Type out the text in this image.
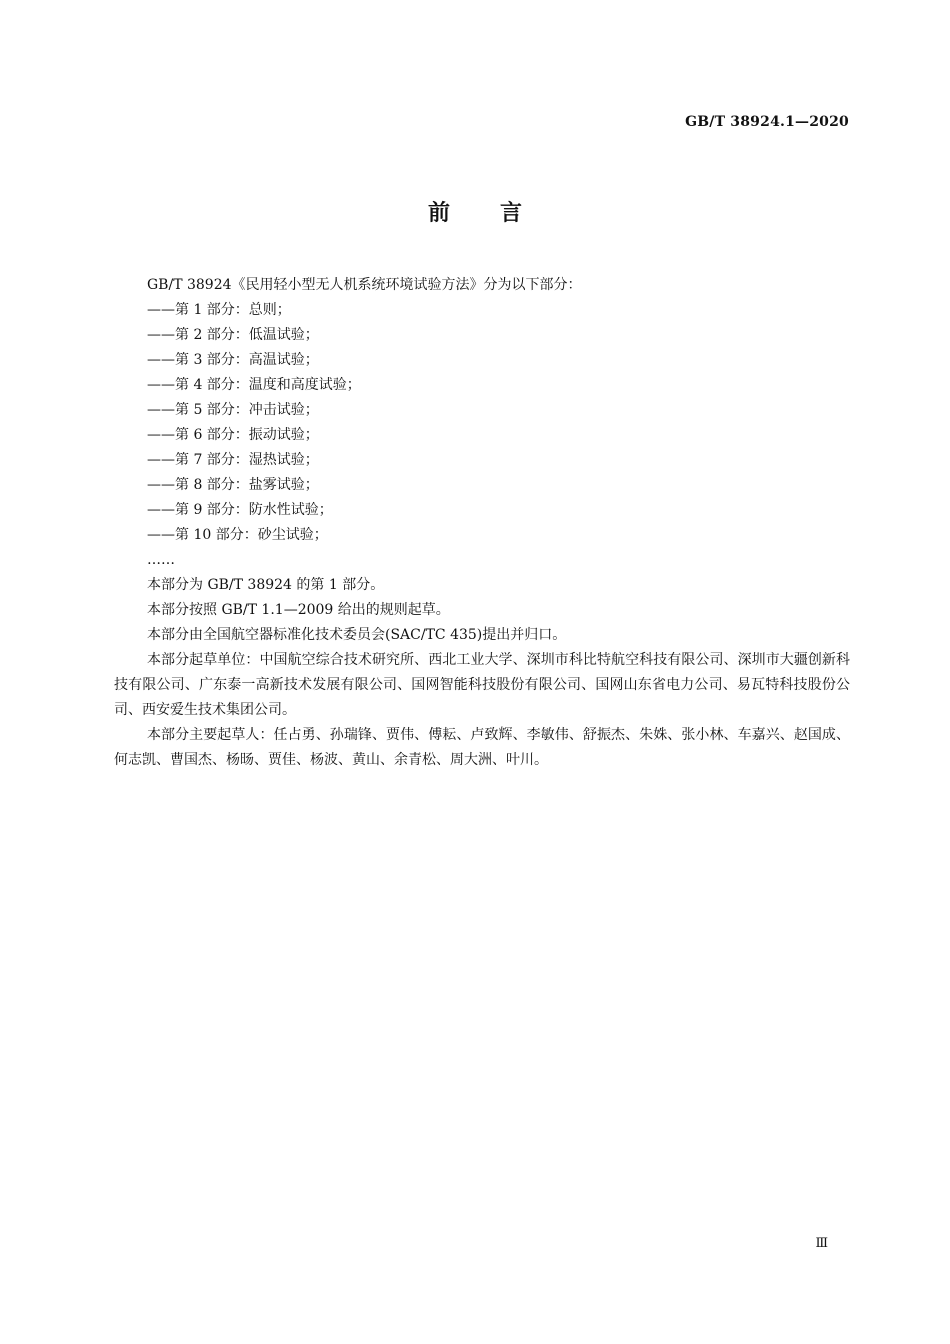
GB/T 38924.1—2020
前言

GB/T 38924《民用轻小型无人机系统环境试验方法》分为以下部分：

——第 1 部分：总则；

——第 2 部分：低温试验；

——第 3 部分：高温试验；

——第 4 部分：温度和高度试验；

——第 5 部分：冲击试验；

——第 6 部分：振动试验；

——第 7 部分：湿热试验；

——第 8 部分：盐雾试验；

——第 9 部分：防水性试验；

——第 10 部分：砂尘试验；

……

本部分为 GB/T 38924 的第 1 部分。

本部分按照 GB/T 1.1—2009 给出的规则起草。

本部分由全国航空器标准化技术委员会(SAC/TC 435)提出并归口。

本部分起草单位：中国航空综合技术研究所、西北工业大学、深圳市科比特航空科技有限公司、深圳市大疆创新科技有限公司、广东泰一高新技术发展有限公司、国网智能科技股份有限公司、国网山东省电力公司、易瓦特科技股份公司、西安爱生技术集团公司。

本部分主要起草人：任占勇、孙瑞锋、贾伟、傅耘、卢致辉、李敏伟、舒振杰、朱姝、张小林、车嘉兴、赵国成、何志凯、曹国杰、杨旸、贾佳、杨波、黄山、余青松、周大洲、叶川。

Ⅲ
